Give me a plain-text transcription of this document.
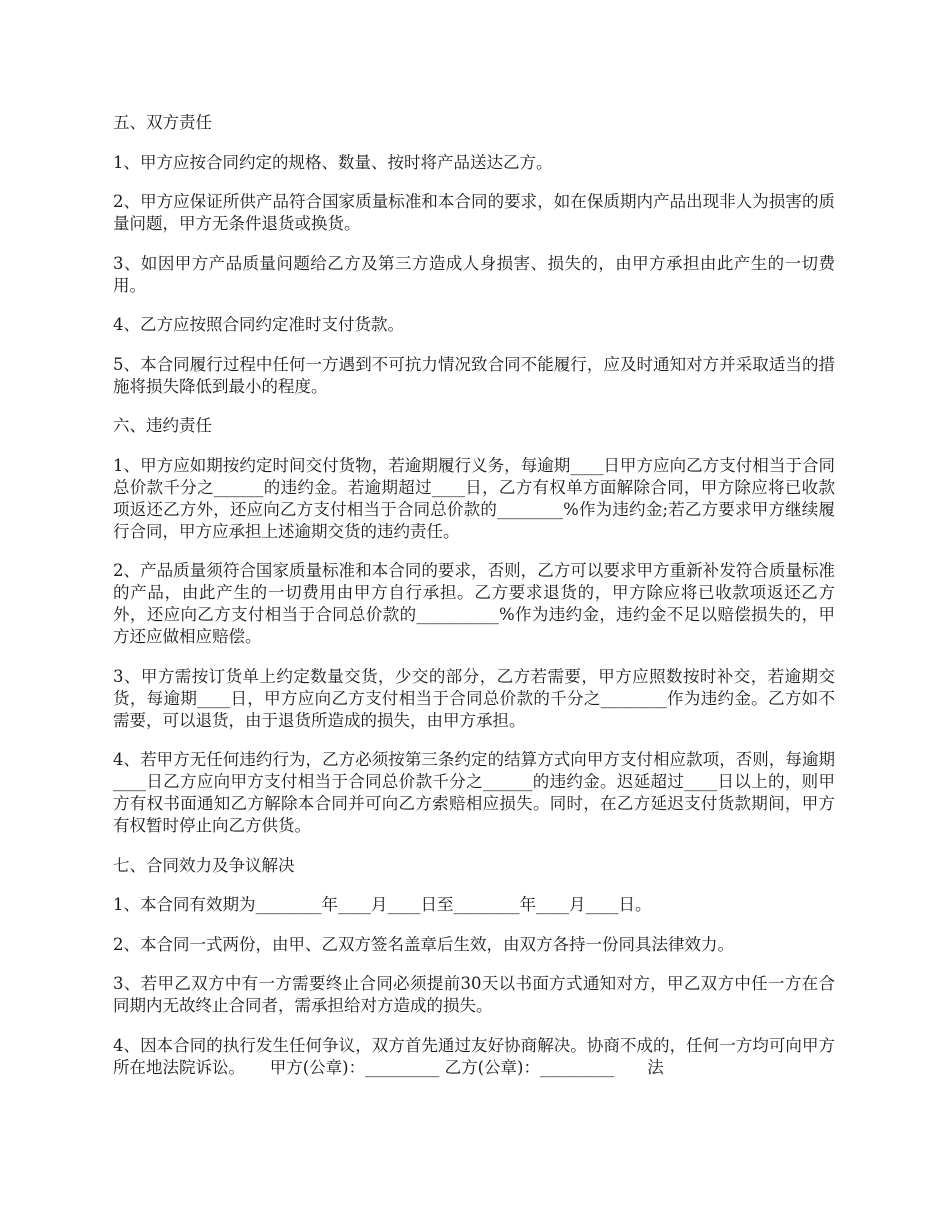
五、双方责任

1、甲方应按合同约定的规格、数量、按时将产品送达乙方。

2、甲方应保证所供产品符合国家质量标准和本合同的要求，如在保质期内产品出现非人为损害的质量问题，甲方无条件退货或换货。

3、如因甲方产品质量问题给乙方及第三方造成人身损害、损失的，由甲方承担由此产生的一切费用。

4、乙方应按照合同约定准时支付货款。

5、本合同履行过程中任何一方遇到不可抗力情况致合同不能履行，应及时通知对方并采取适当的措施将损失降低到最小的程度。

六、违约责任

1、甲方应如期按约定时间交付货物，若逾期履行义务，每逾期____日甲方应向乙方支付相当于合同总价款千分之______的违约金。若逾期超过____日，乙方有权单方面解除合同，甲方除应将已收款项返还乙方外，还应向乙方支付相当于合同总价款的________%作为违约金;若乙方要求甲方继续履行合同，甲方应承担上述逾期交货的违约责任。

2、产品质量须符合国家质量标准和本合同的要求，否则，乙方可以要求甲方重新补发符合质量标准的产品，由此产生的一切费用由甲方自行承担。乙方要求退货的，甲方除应将已收款项返还乙方外，还应向乙方支付相当于合同总价款的__________%作为违约金，违约金不足以赔偿损失的，甲方还应做相应赔偿。

3、甲方需按订货单上约定数量交货，少交的部分，乙方若需要，甲方应照数按时补交，若逾期交货，每逾期____日，甲方应向乙方支付相当于合同总价款的千分之________作为违约金。乙方如不需要，可以退货，由于退货所造成的损失，由甲方承担。

4、若甲方无任何违约行为，乙方必须按第三条约定的结算方式向甲方支付相应款项，否则，每逾期____日乙方应向甲方支付相当于合同总价款千分之______的违约金。迟延超过____日以上的，则甲方有权书面通知乙方解除本合同并可向乙方索赔相应损失。同时，在乙方延迟支付货款期间，甲方有权暂时停止向乙方供货。

七、合同效力及争议解决

1、本合同有效期为________年____月____日至________年____月____日。

2、本合同一式两份，由甲、乙双方签名盖章后生效，由双方各持一份同具法律效力。

3、若甲乙双方中有一方需要终止合同必须提前30天以书面方式通知对方，甲乙双方中任一方在合同期内无故终止合同者，需承担给对方造成的损失。

4、因本合同的执行发生任何争议，双方首先通过友好协商解决。协商不成的，任何一方均可向甲方所在地法院诉讼。　　甲方(公章)：_________ 乙方(公章)：_________　　法
